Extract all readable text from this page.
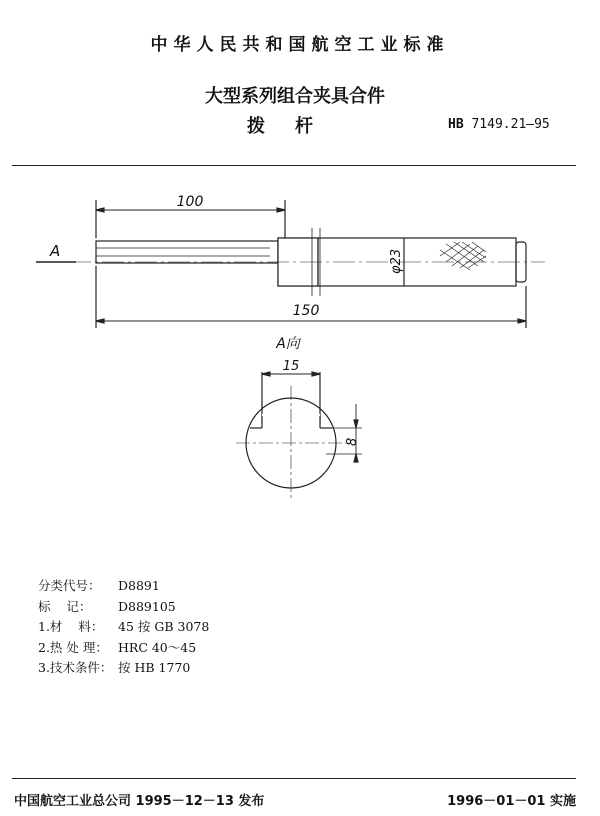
中华人民共和国航空工业标准
大型系列组合夹具合件
拨杆	HB 7149.21—95
100
150
φ23
A
A向
15
8
分类代号：	D8891
标    记：	D889105
1.材    料：	45 按 GB 3078
2.热 处 理： HRC 40～45
3.技术条件： 按 HB 1770
中国航空工业总公司 1995－12－13 发布	1996－01－01 实施
